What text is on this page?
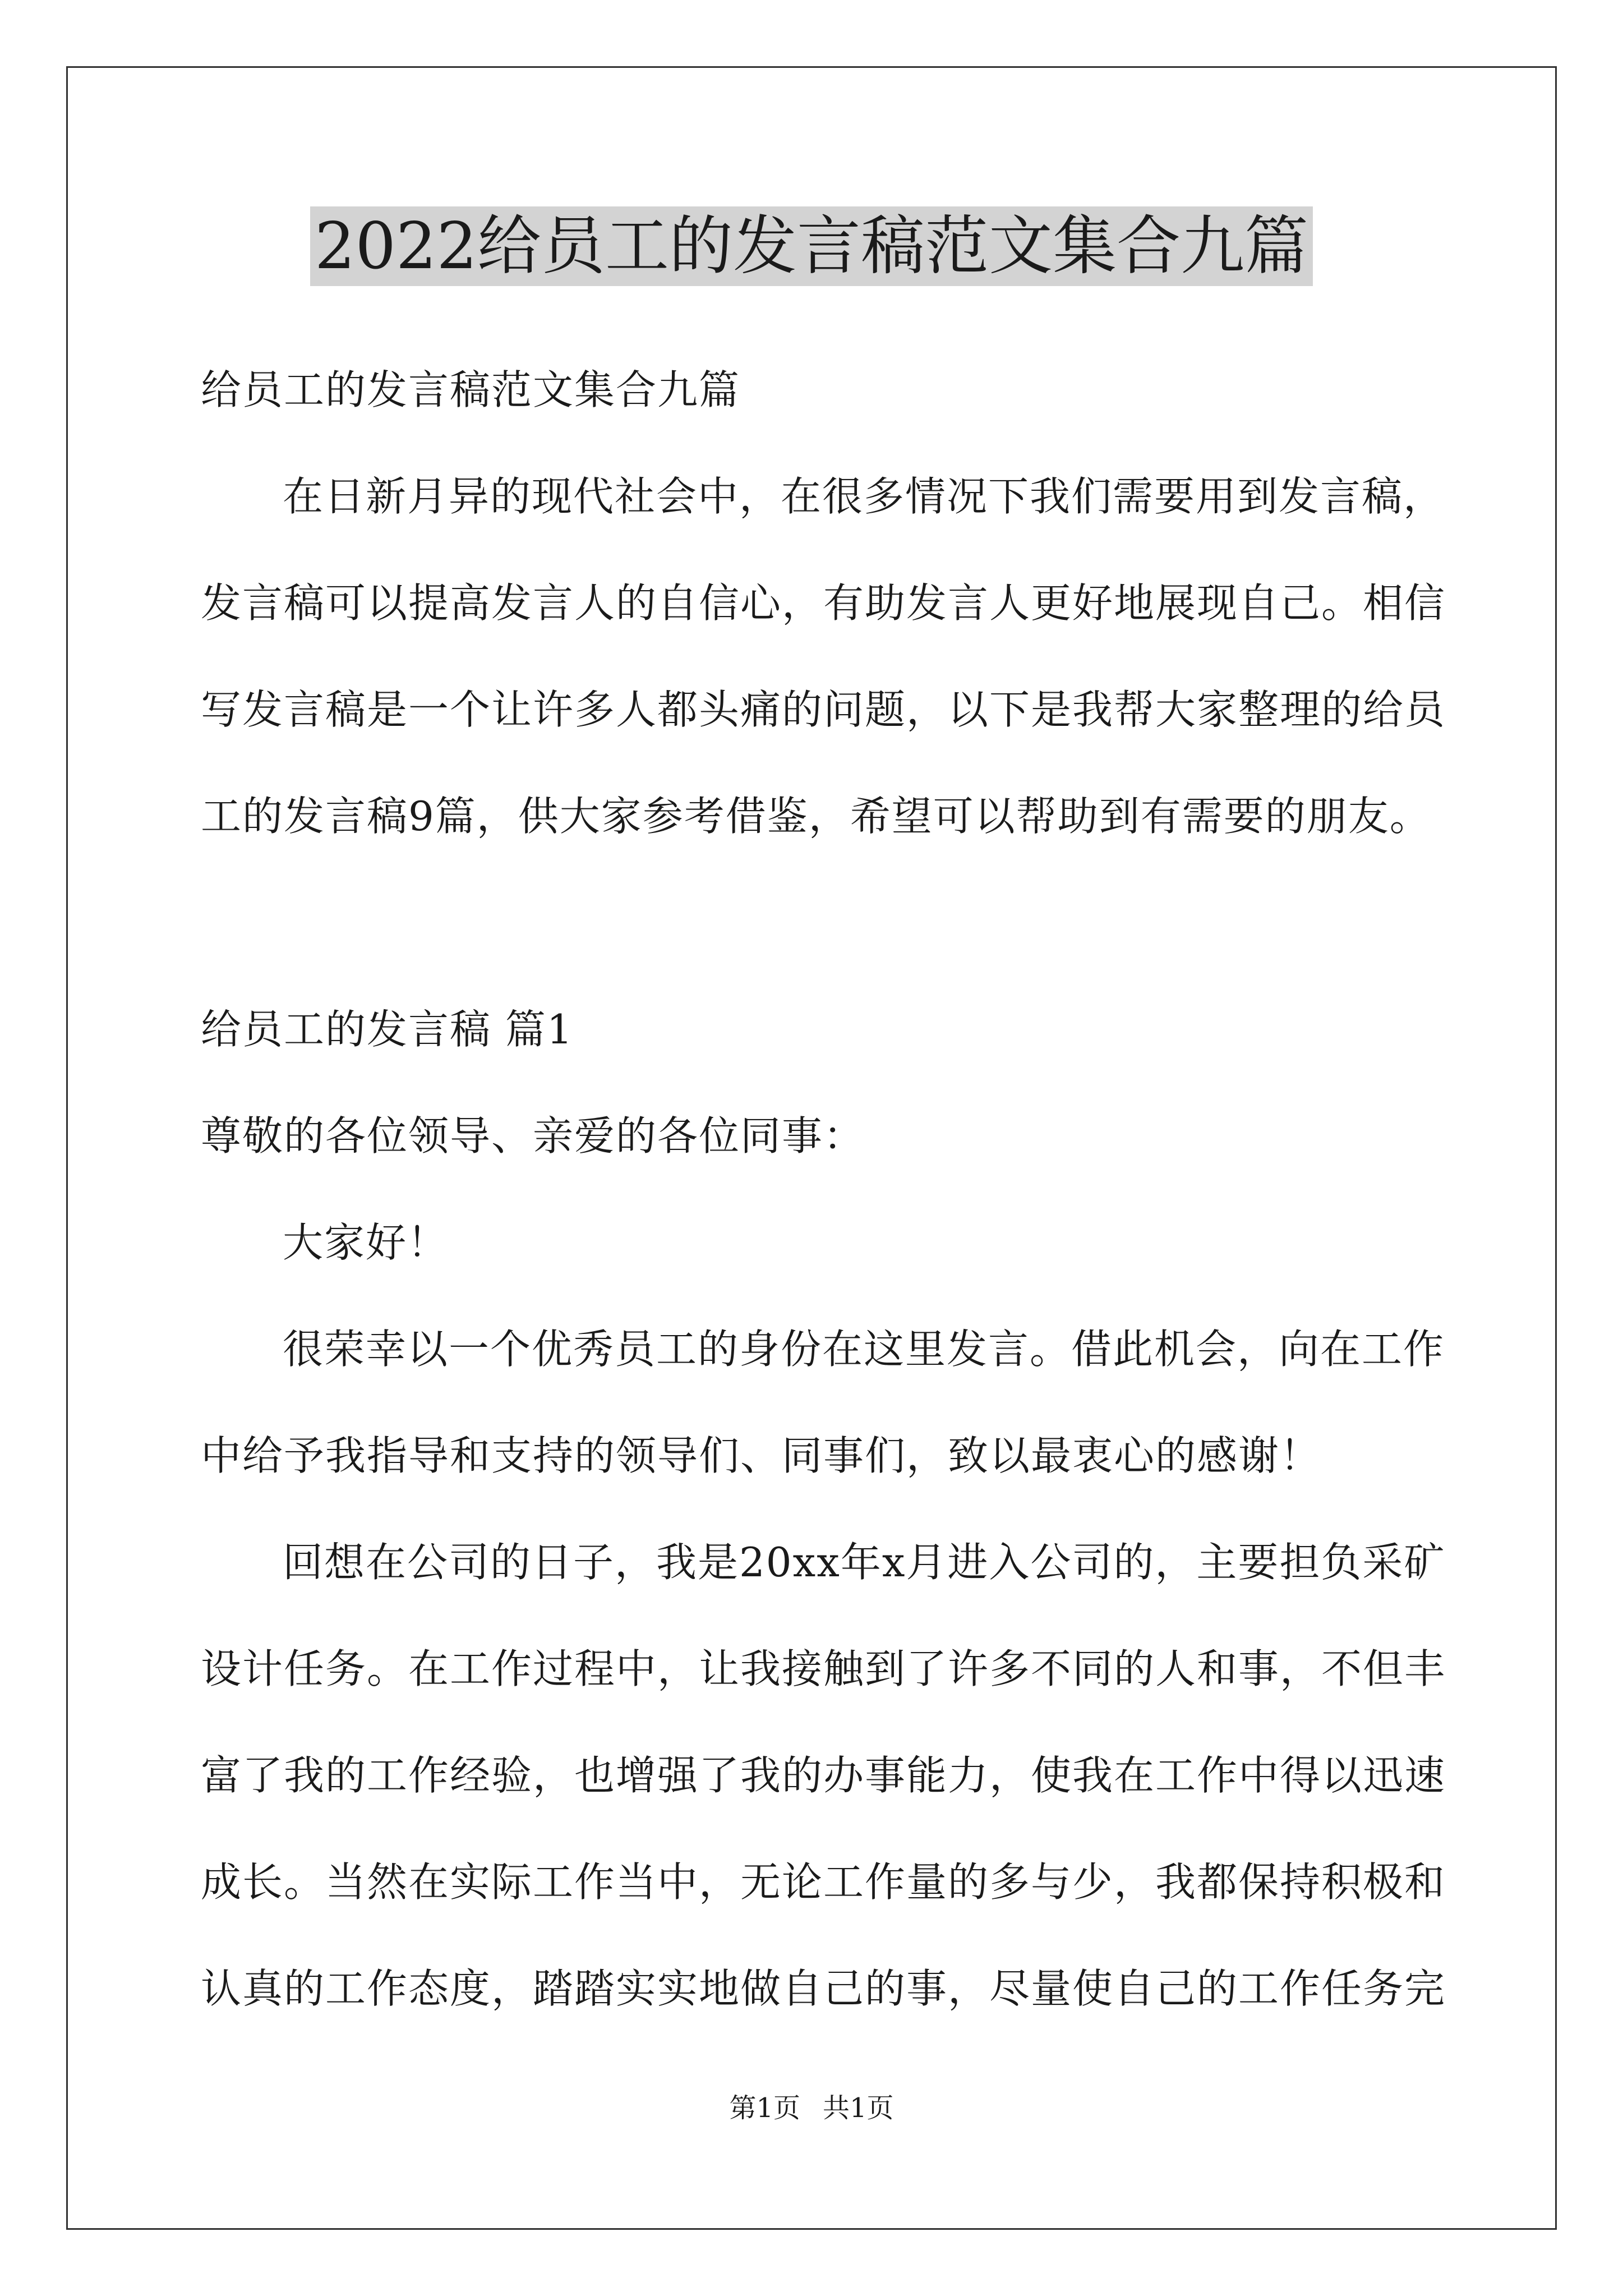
2022给员工的发言稿范文集合九篇

给员工的发言稿范文集合九篇

在日新月异的现代社会中，在很多情况下我们需要用到发言稿，

发言稿可以提高发言人的自信心，有助发言人更好地展现自己。相信

写发言稿是一个让许多人都头痛的问题，以下是我帮大家整理的给员

工的发言稿9篇，供大家参考借鉴，希望可以帮助到有需要的朋友。

给员工的发言稿 篇1

尊敬的各位领导、亲爱的各位同事：

大家好！

很荣幸以一个优秀员工的身份在这里发言。借此机会，向在工作

中给予我指导和支持的领导们、同事们，致以最衷心的感谢！

回想在公司的日子，我是20xx年x月进入公司的，主要担负采矿

设计任务。在工作过程中，让我接触到了许多不同的人和事，不但丰

富了我的工作经验，也增强了我的办事能力，使我在工作中得以迅速

成长。当然在实际工作当中，无论工作量的多与少，我都保持积极和

认真的工作态度，踏踏实实地做自己的事，尽量使自己的工作任务完

第1页 共1页
